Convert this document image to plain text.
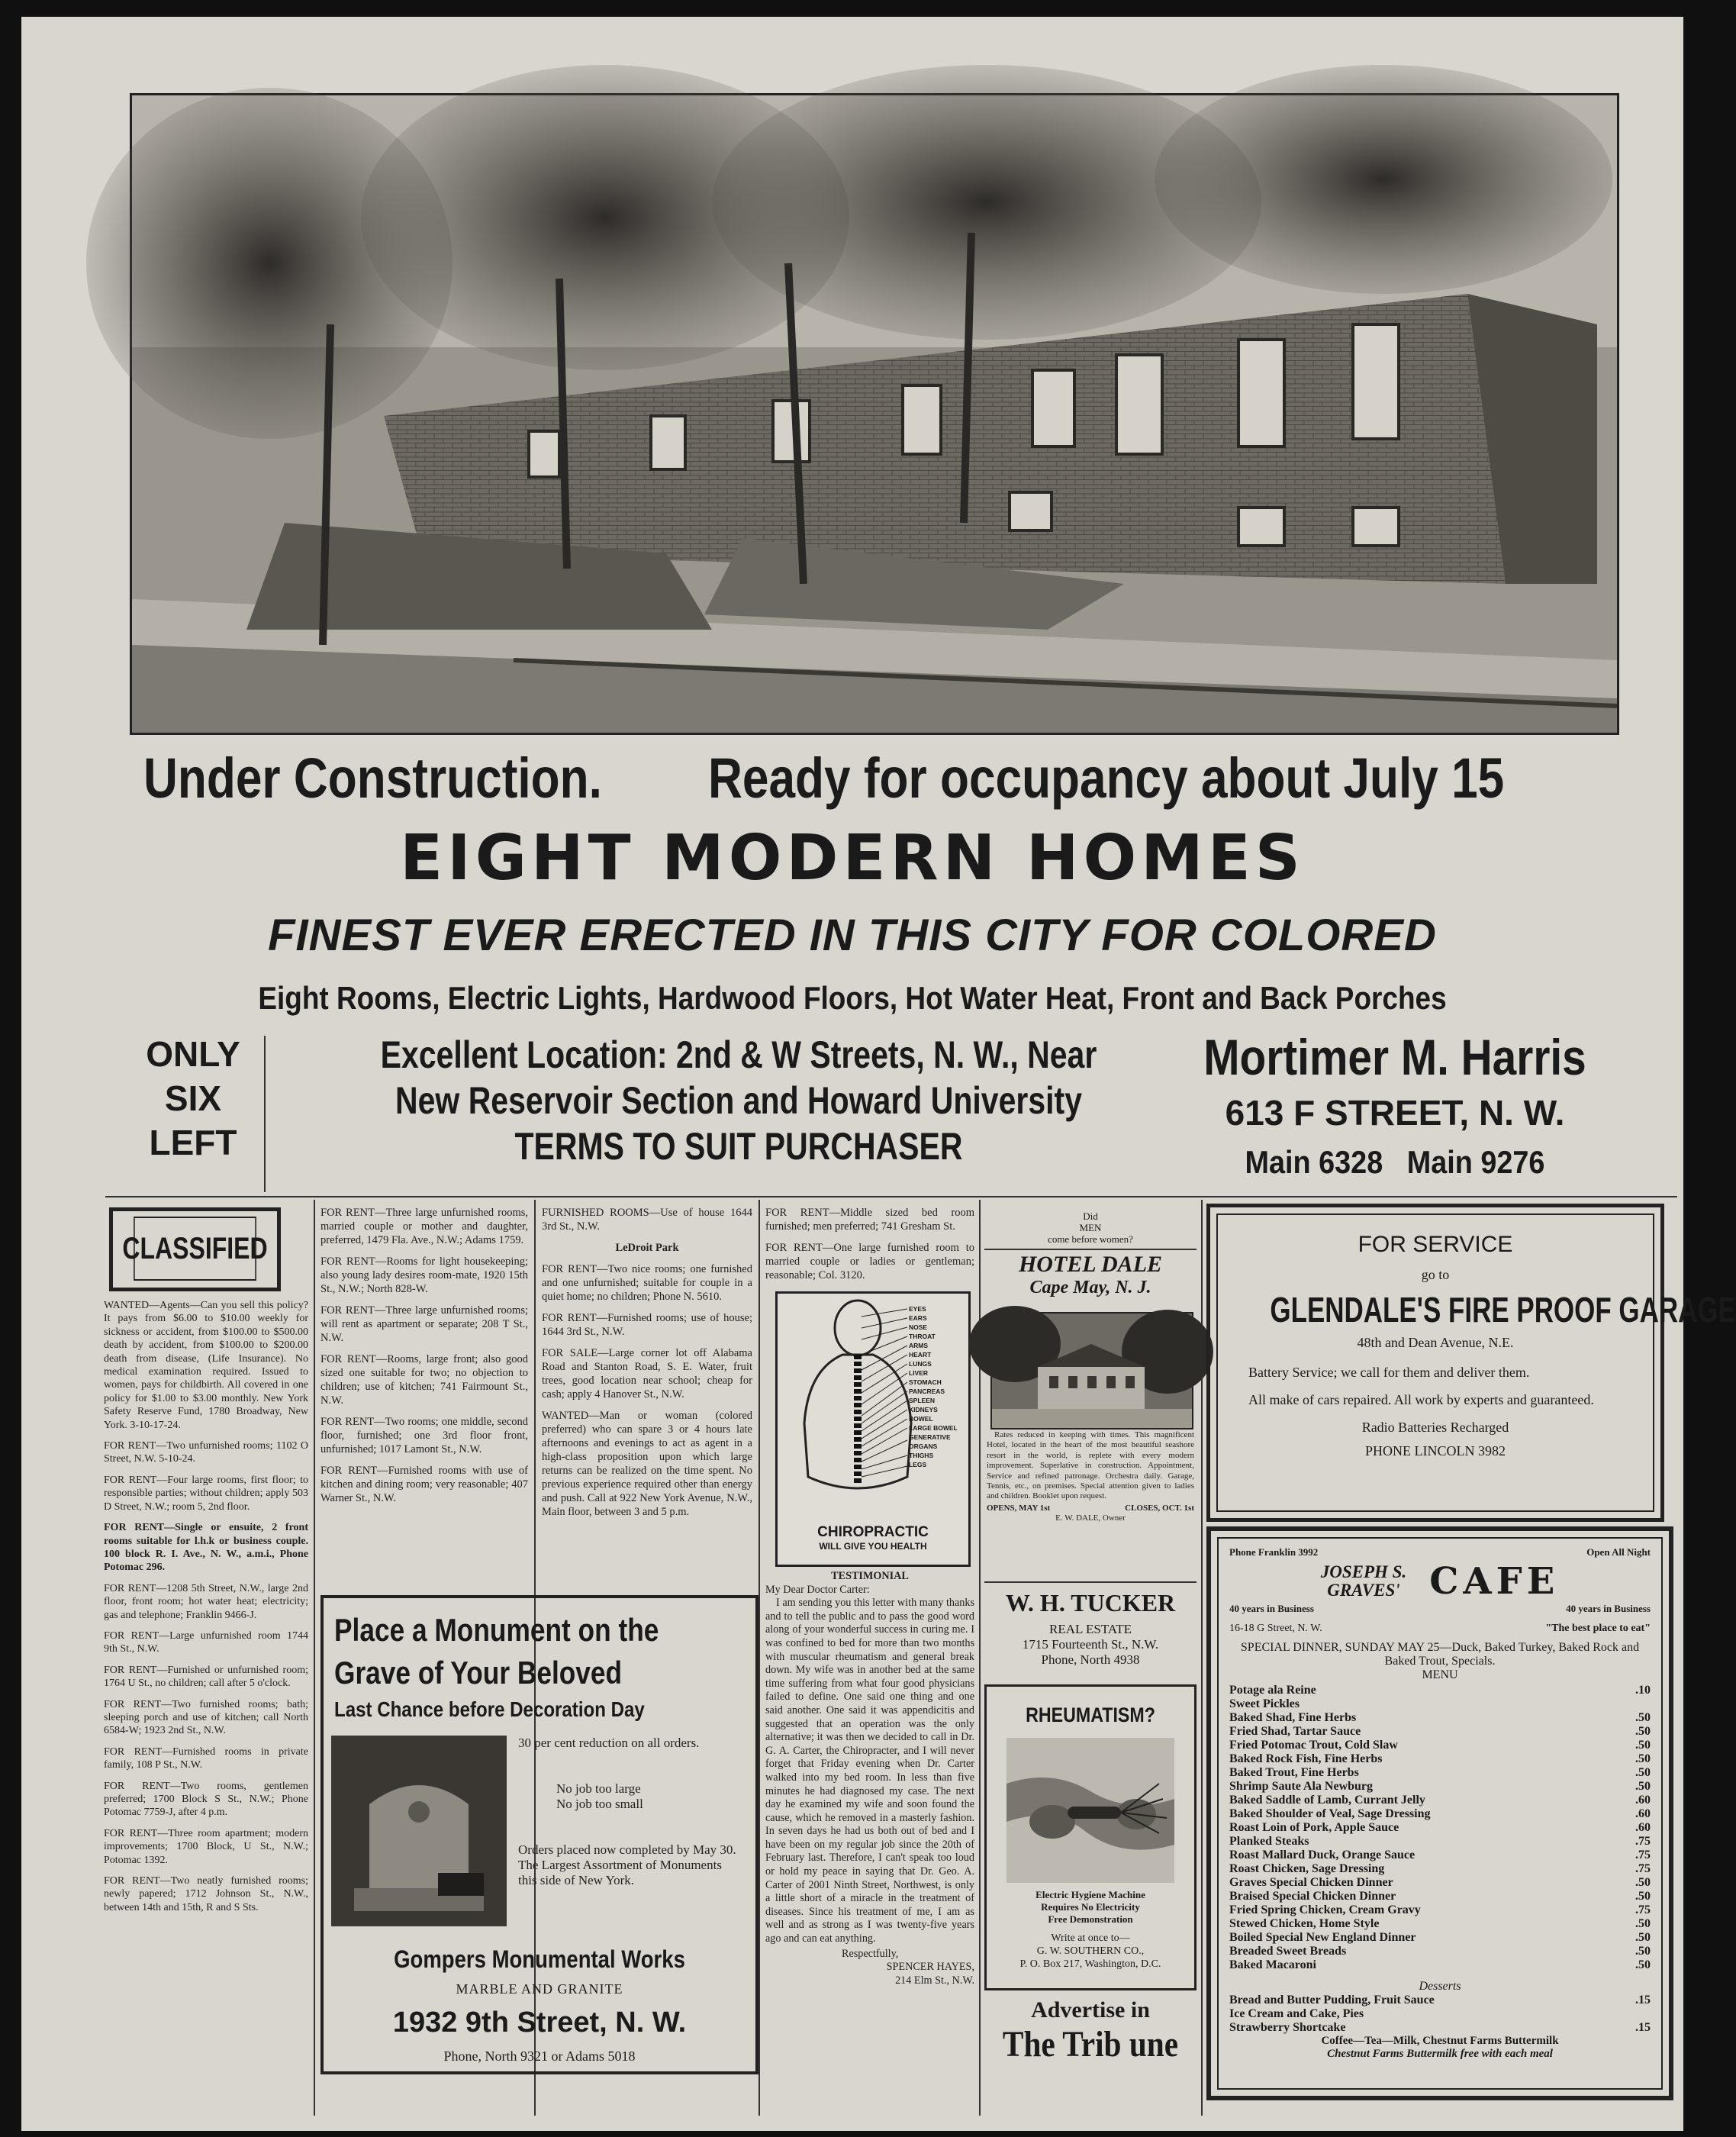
Under Construction. Ready for occupancy about July 15
EIGHT MODERN HOMES
FINEST EVER ERECTED IN THIS CITY FOR COLORED
Eight Rooms, Electric Lights, Hardwood Floors, Hot Water Heat, Front and Back Porches
ONLY
SIX
LEFT
Excellent Location: 2nd & W Streets, N. W., Near
New Reservoir Section and Howard University
TERMS TO SUIT PURCHASER
Mortimer M. Harris
613 F STREET, N. W.
Main 6328 Main 9276
CLASSIFIED

WANTED—Agents—Can you sell this policy? It pays from $6.00 to $10.00 weekly for sickness or accident, from $100.00 to $500.00 death by accident, from $100.00 to $200.00 death from disease, (Life Insurance). No medical examination required. Issued to women, pays for childbirth. All covered in one policy for $1.00 to $3.00 monthly. New York Safety Reserve Fund, 1780 Broadway, New York. 3-10-17-24.

FOR RENT—Two unfurnished rooms; 1102 O Street, N.W. 5-10-24.

FOR RENT—Four large rooms, first floor; to responsible parties; without children; apply 503 D Street, N.W.; room 5, 2nd floor.

FOR RENT—Single or ensuite, 2 front rooms suitable for l.h.k or business couple. 100 block R. I. Ave., N. W., a.m.i., Phone Potomac 296.

FOR RENT—1208 5th Street, N.W., large 2nd floor, front room; hot water heat; electricity; gas and telephone; Franklin 9466-J.

FOR RENT—Large unfurnished room 1744 9th St., N.W.

FOR RENT—Furnished or unfurnished room; 1764 U St., no children; call after 5 o'clock.

FOR RENT—Two furnished rooms; bath; sleeping porch and use of kitchen; call North 6584-W; 1923 2nd St., N.W.

FOR RENT—Furnished rooms in private family, 108 P St., N.W.

FOR RENT—Two rooms, gentlemen preferred; 1700 Block S St., N.W.; Phone Potomac 7759-J, after 4 p.m.

FOR RENT—Three room apartment; modern improvements; 1700 Block, U St., N.W.; Potomac 1392.

FOR RENT—Two neatly furnished rooms; newly papered; 1712 Johnson St., N.W., between 14th and 15th, R and S Sts.

FOR RENT—Three large unfurnished rooms, married couple or mother and daughter, preferred, 1479 Fla. Ave., N.W.; Adams 1759.

FOR RENT—Rooms for light housekeeping; also young lady desires room-mate, 1920 15th St., N.W.; North 828-W.

FOR RENT—Three large unfurnished rooms; will rent as apartment or separate; 208 T St., N.W.

FOR RENT—Rooms, large front; also good sized one suitable for two; no objection to children; use of kitchen; 741 Fairmount St., N.W.

FOR RENT—Two rooms; one middle, second floor, furnished; one 3rd floor front, unfurnished; 1017 Lamont St., N.W.

FOR RENT—Furnished rooms with use of kitchen and dining room; very reasonable; 407 Warner St., N.W.

FURNISHED ROOMS—Use of house 1644 3rd St., N.W.

LeDroit Park

FOR RENT—Two nice rooms; one furnished and one unfurnished; suitable for couple in a quiet home; no children; Phone N. 5610.

FOR RENT—Furnished rooms; use of house; 1644 3rd St., N.W.

FOR SALE—Large corner lot off Alabama Road and Stanton Road, S. E. Water, fruit trees, good location near school; cheap for cash; apply 4 Hanover St., N.W.

WANTED—Man or woman (colored preferred) who can spare 3 or 4 hours late afternoons and evenings to act as agent in a high-class proposition upon which large returns can be realized on the time spent. No previous experience required other than energy and push. Call at 922 New York Avenue, N.W., Main floor, between 3 and 5 p.m.

Place a Monument on the
Grave of Your Beloved
Last Chance before Decoration Day
30 per cent reduction on all orders.
No job too large
No job too small
Orders placed now completed by May 30.
The Largest Assortment of Monuments this side of New York.
Gompers Monumental Works
MARBLE AND GRANITE
1932 9th Street, N. W.
Phone, North 9321 or Adams 5018

FOR RENT—Middle sized bed room furnished; men preferred; 741 Gresham St.

FOR RENT—One large furnished room to married couple or ladies or gentleman; reasonable; Col. 3120.

EYES
EARS
NOSE
THROAT
ARMS
HEART
LUNGS
LIVER
STOMACH
PANCREAS
SPLEEN
KIDNEYS
BOWEL
LARGE BOWEL
GENERATIVE ORGANS
THIGHS
LEGS
CHIROPRACTIC
WILL GIVE YOU HEALTH
TESTIMONIAL
My Dear Doctor Carter:

I am sending you this letter with many thanks and to tell the public and to pass the good word along of your wonderful success in curing me. I was confined to bed for more than two months with muscular rheumatism and general break down. My wife was in another bed at the same time suffering from what four good physicians failed to define. One said one thing and one said another. One said it was appendicitis and suggested that an operation was the only alternative; it was then we decided to call in Dr. G. A. Carter, the Chiropracter, and I will never forget that Friday evening when Dr. Carter walked into my bed room. In less than five minutes he had diagnosed my case. The next day he examined my wife and soon found the cause, which he removed in a masterly fashion. In seven days he had us both out of bed and I have been on my regular job since the 20th of February last. Therefore, I can't speak too loud or hold my peace in saying that Dr. Geo. A. Carter of 2001 Ninth Street, Northwest, is only a little short of a miracle in the treatment of diseases. Since his treatment of me, I am as well and as strong as I was twenty-five years ago and can eat anything.

Respectfully,
SPENCER HAYES,
214 Elm St., N.W.
Did
MEN
come before women?
HOTEL DALE
Cape May, N. J.

Rates reduced in keeping with times. This magnificent Hotel, located in the heart of the most beautiful seashore resort in the world, is replete with every modern improvement. Superlative in construction. Appointment, Service and refined patronage. Orchestra daily. Garage, Tennis, etc., on premises. Special attention given to ladies and children. Booklet upon request.

OPENS, MAY 1st	CLOSES, OCT. 1st
E. W. DALE, Owner
W. H. TUCKER
REAL ESTATE
1715 Fourteenth St., N.W.
Phone, North 4938
RHEUMATISM?
Electric Hygiene Machine
Requires No Electricity
Free Demonstration
Write at once to—
G. W. SOUTHERN CO.,
P. O. Box 217, Washington, D.C.
Advertise in
The Trib une
FOR SERVICE
go to
GLENDALE'S FIRE PROOF GARAGE
48th and Dean Avenue, N.E.
Battery Service; we call for them and deliver them.
All make of cars repaired. All work by experts and guaranteed.
Radio Batteries Recharged
PHONE LINCOLN 3982
Phone Franklin 3992	Open All Night
JOSEPH S.
GRAVES' CAFE
40 years in Business	40 years in Business
16-18 G Street, N. W.	"The best place to eat"
SPECIAL DINNER, SUNDAY MAY 25—Duck, Baked Turkey, Baked Rock and Baked Trout, Specials.
MENU
Potage ala Reine	.10
Sweet Pickles
Baked Shad, Fine Herbs	.50
Fried Shad, Tartar Sauce	.50
Fried Potomac Trout, Cold Slaw	.50
Baked Rock Fish, Fine Herbs	.50
Baked Trout, Fine Herbs	.50
Shrimp Saute Ala Newburg	.50
Baked Saddle of Lamb, Currant Jelly	.60
Baked Shoulder of Veal, Sage Dressing	.60
Roast Loin of Pork, Apple Sauce	.60
Planked Steaks	.75
Roast Mallard Duck, Orange Sauce	.75
Roast Chicken, Sage Dressing	.75
Graves Special Chicken Dinner	.50
Braised Special Chicken Dinner	.50
Fried Spring Chicken, Cream Gravy	.75
Stewed Chicken, Home Style	.50
Boiled Special New England Dinner	.50
Breaded Sweet Breads	.50
Baked Macaroni	.50
Desserts
Bread and Butter Pudding, Fruit Sauce	.15
Ice Cream and Cake, Pies
Strawberry Shortcake	.15
Coffee—Tea—Milk, Chestnut Farms Buttermilk
Chestnut Farms Buttermilk free with each meal
